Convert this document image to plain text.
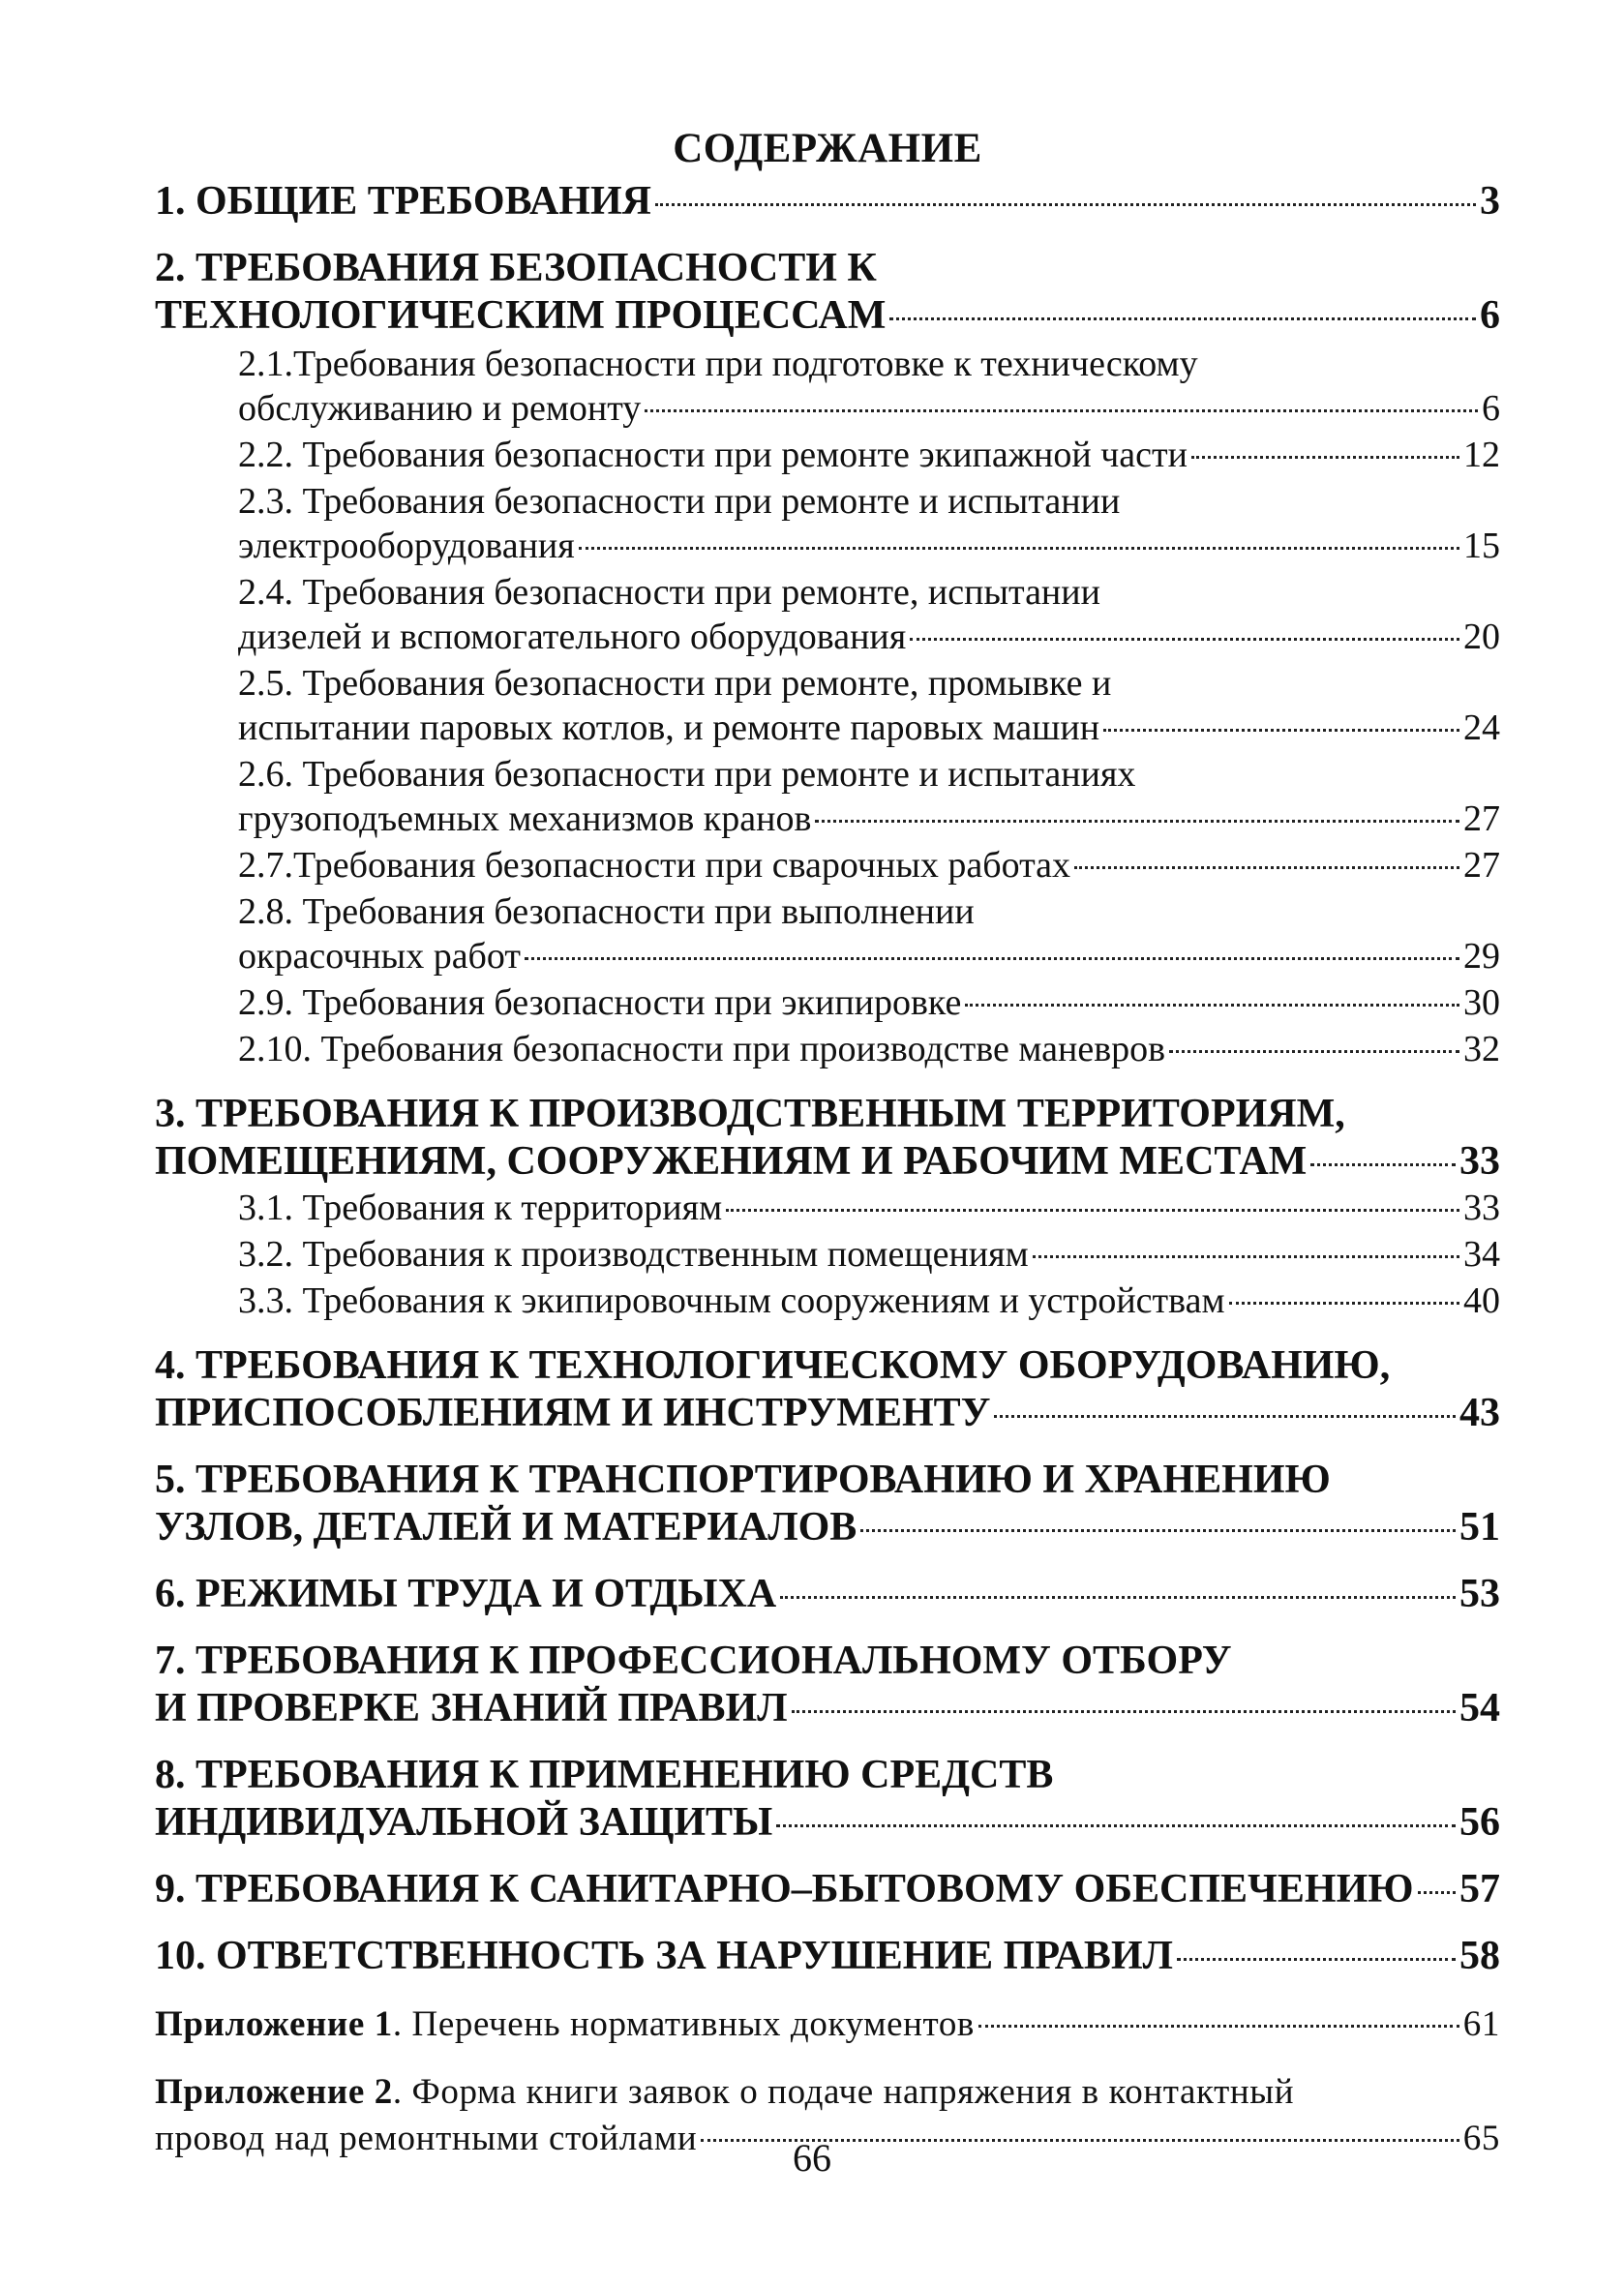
СОДЕРЖАНИЕ
1. ОБЩИЕ ТРЕБОВАНИЯ	3
2. ТРЕБОВАНИЯ БЕЗОПАСНОСТИ К
ТЕХНОЛОГИЧЕСКИМ ПРОЦЕССАМ	6
2.1.Требования безопасности при подготовке к техническому
обслуживанию и ремонту	6
2.2. Требования безопасности при ремонте экипажной части	12
2.3. Требования безопасности при ремонте и испытании
электрооборудования	15
2.4. Требования безопасности при ремонте, испытании
дизелей и вспомогательного оборудования	20
2.5. Требования безопасности при ремонте, промывке и
испытании паровых котлов, и ремонте паровых машин	24
2.6. Требования безопасности при ремонте и испытаниях
грузоподъемных механизмов кранов	27
2.7.Требования безопасности при сварочных работах	27
2.8. Требования безопасности при выполнении
окрасочных работ	29
2.9. Требования безопасности при экипировке	30
2.10. Требования безопасности при производстве маневров	32
3. ТРЕБОВАНИЯ К ПРОИЗВОДСТВЕННЫМ ТЕРРИТОРИЯМ,
ПОМЕЩЕНИЯМ, СООРУЖЕНИЯМ И РАБОЧИМ МЕСТАМ	33
3.1. Требования к территориям	33
3.2. Требования к производственным помещениям	34
3.3. Требования к экипировочным сооружениям и устройствам	40
4. ТРЕБОВАНИЯ К ТЕХНОЛОГИЧЕСКОМУ ОБОРУДОВАНИЮ,
ПРИСПОСОБЛЕНИЯМ И ИНСТРУМЕНТУ	43
5. ТРЕБОВАНИЯ К ТРАНСПОРТИРОВАНИЮ И ХРАНЕНИЮ
УЗЛОВ, ДЕТАЛЕЙ И МАТЕРИАЛОВ	51
6. РЕЖИМЫ ТРУДА И ОТДЫХА	53
7. ТРЕБОВАНИЯ К ПРОФЕССИОНАЛЬНОМУ ОТБОРУ
И ПРОВЕРКЕ ЗНАНИЙ ПРАВИЛ	54
8. ТРЕБОВАНИЯ К ПРИМЕНЕНИЮ СРЕДСТВ
ИНДИВИДУАЛЬНОЙ ЗАЩИТЫ	56
9. ТРЕБОВАНИЯ К САНИТАРНО–БЫТОВОМУ ОБЕСПЕЧЕНИЮ 57
10. ОТВЕТСТВЕННОСТЬ ЗА НАРУШЕНИЕ ПРАВИЛ	58
Приложение 1. Перечень нормативных документов	61
Приложение 2. Форма книги заявок о подаче напряжения в контактный
провод над ремонтными стойлами	65
66
